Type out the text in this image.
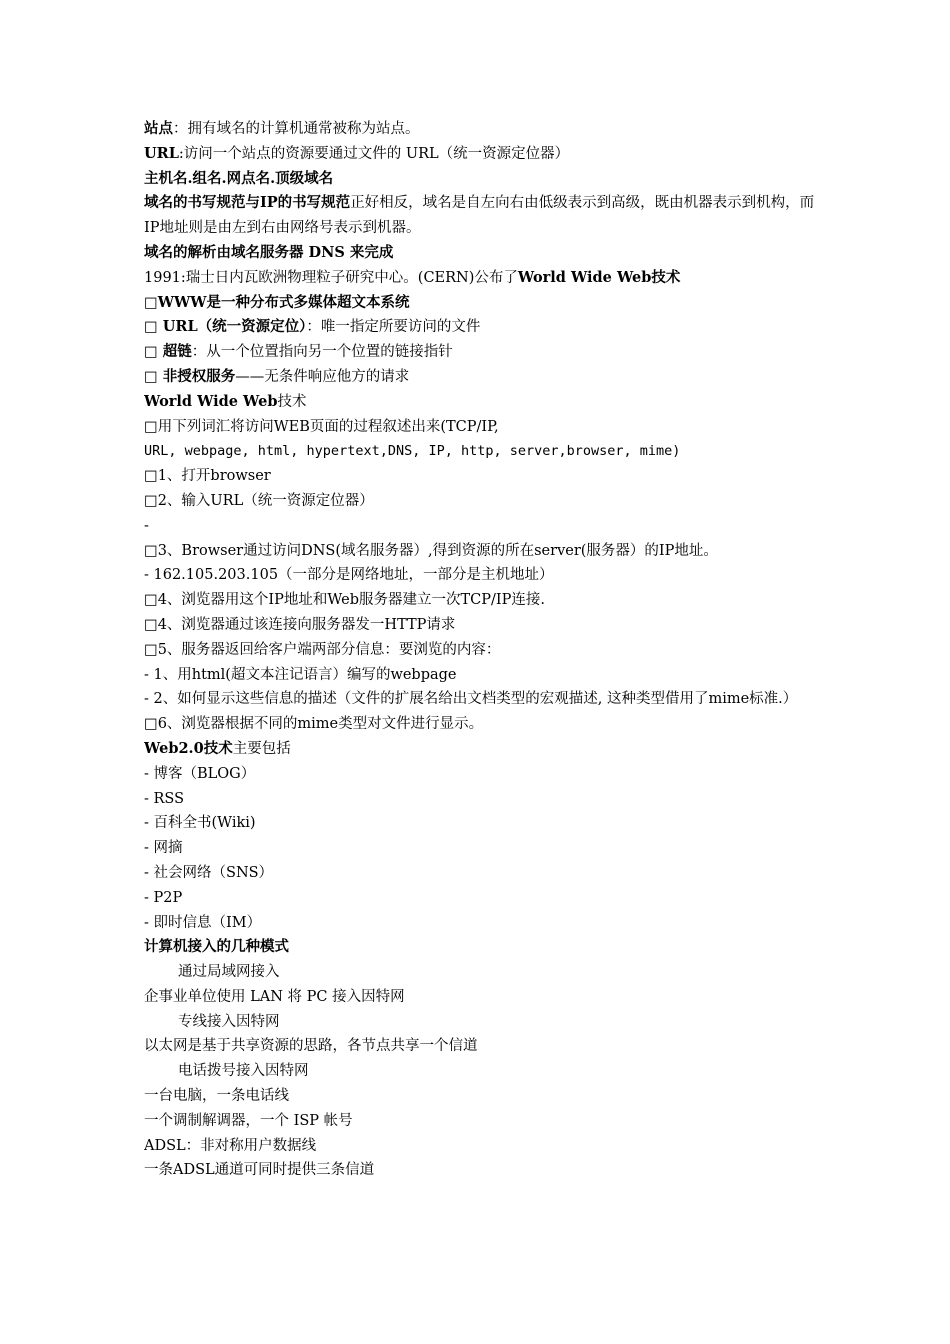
站点：拥有域名的计算机通常被称为站点。
URL:访问一个站点的资源要通过文件的 URL（统一资源定位器）
主机名.组名.网点名.顶级域名
域名的书写规范与IP的书写规范正好相反，域名是自左向右由低级表示到高级，既由机器表示到机构，而IP地址则是由左到右由网络号表示到机器。
域名的解析由域名服务器 DNS 来完成
1991:瑞士日内瓦欧洲物理粒子研究中心。(CERN)公布了World Wide Web技术
□WWW是一种分布式多媒体超文本系统
□ URL（统一资源定位）：唯一指定所要访问的文件
□ 超链：从一个位置指向另一个位置的链接指针
□ 非授权服务——无条件响应他方的请求
World Wide Web技术
□用下列词汇将访问WEB页面的过程叙述出来(TCP/IP,
URL, webpage, html, hypertext,DNS, IP, http, server,browser, mime)
□1、打开browser
□2、输入URL（统一资源定位器）
-
□3、Browser通过访问DNS(域名服务器）,得到资源的所在server(服务器）的IP地址。
- 162.105.203.105（一部分是网络地址，一部分是主机地址）
□4、浏览器用这个IP地址和Web服务器建立一次TCP/IP连接.
□4、浏览器通过该连接向服务器发一HTTP请求
□5、服务器返回给客户端两部分信息：要浏览的内容：
- 1、用html(超文本注记语言）编写的webpage
- 2、如何显示这些信息的描述（文件的扩展名给出文档类型的宏观描述, 这种类型借用了mime标准.）
□6、浏览器根据不同的mime类型对文件进行显示。
Web2.0技术主要包括
- 博客（BLOG）
- RSS
- 百科全书(Wiki)
- 网摘
- 社会网络（SNS）
- P2P
- 即时信息（IM）
计算机接入的几种模式
通过局域网接入
企事业单位使用 LAN 将 PC 接入因特网
专线接入因特网
以太网是基于共享资源的思路，各节点共享一个信道
电话拨号接入因特网
一台电脑，一条电话线
一个调制解调器，一个 ISP 帐号
ADSL：非对称用户数据线
一条ADSL通道可同时提供三条信道
